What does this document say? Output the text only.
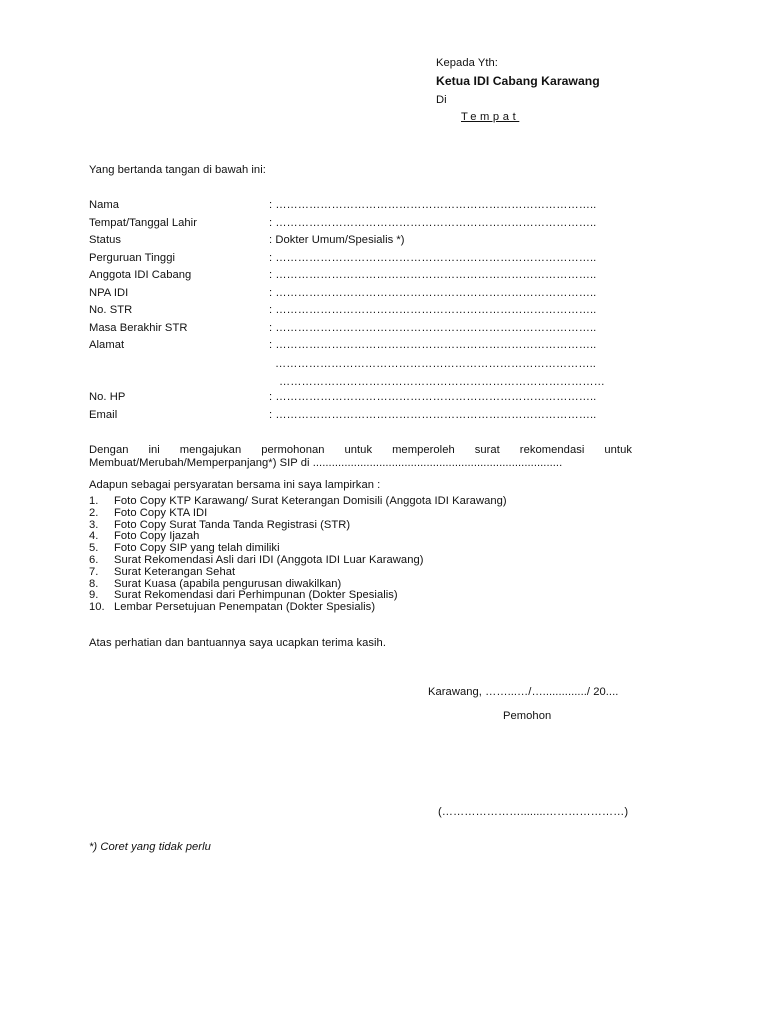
Kepada Yth:
Ketua IDI Cabang Karawang
Di
Tempat
Yang bertanda tangan di bawah ini:
Nama	: …………………………………………………………………………..
Tempat/Tanggal Lahir	: …………………………………………………………………………..
Status	: Dokter Umum/Spesialis *)
Perguruan Tinggi	: …………………………………………………………………………..
Anggota IDI Cabang	: …………………………………………………………………………..
NPA IDI	: …………………………………………………………………………..
No. STR	: …………………………………………………………………………..
Masa Berakhir STR	: …………………………………………………………………………..
Alamat	: …………………………………………………………………………..
…………………………………………………………………………..
……………………………………………………………………………
No. HP	: …………………………………………………………………………..
Email	: …………………………………………………………………………..
Dengan ini mengajukan permohonan untuk memperoleh surat rekomendasi untuk
Membuat/Merubah/Memperpanjang*) SIP di ...............................................................................
Adapun sebagai persyaratan bersama ini saya lampirkan :
1.	Foto Copy KTP Karawang/ Surat Keterangan Domisili (Anggota IDI Karawang)
2.	Foto Copy KTA IDI
3.	Foto Copy Surat Tanda Tanda Registrasi (STR)
4.	Foto Copy Ijazah
5.	Foto Copy SIP yang telah dimiliki
6.	Surat Rekomendasi Asli dari IDI (Anggota IDI Luar Karawang)
7.	Surat Keterangan Sehat
8.	Surat Kuasa (apabila pengurusan diwakilkan)
9.	Surat Rekomendasi dari Perhimpunan (Dokter Spesialis)
10. Lembar Persetujuan Penempatan (Dokter Spesialis)
Atas perhatian dan bantuannya saya ucapkan terima kasih.
Karawang, ……...…/…............../ 20....
Pemohon
(…………………........…………………)
*) Coret yang tidak perlu
